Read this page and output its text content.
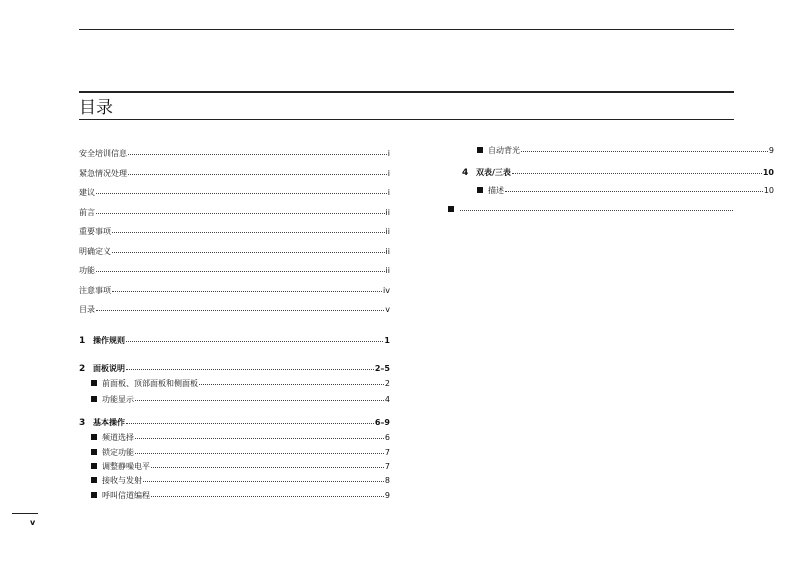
目录
安全培训信息	i
紧急情况处理	i
建议	i
前言	ii
重要事项	ii
明确定义	ii
功能	ii
注意事项	iv
目录	v
1 操作规则	1
2 面板说明	2–5
前面板、顶部面板和侧面板	2
功能显示	4
3 基本操作	6–9
频道选择	6
锁定功能	7
调整静噪电平	7
接收与发射	8
呼叫信道编程	9
自动背光	9
4 双表/三表	10
描述	10
v
